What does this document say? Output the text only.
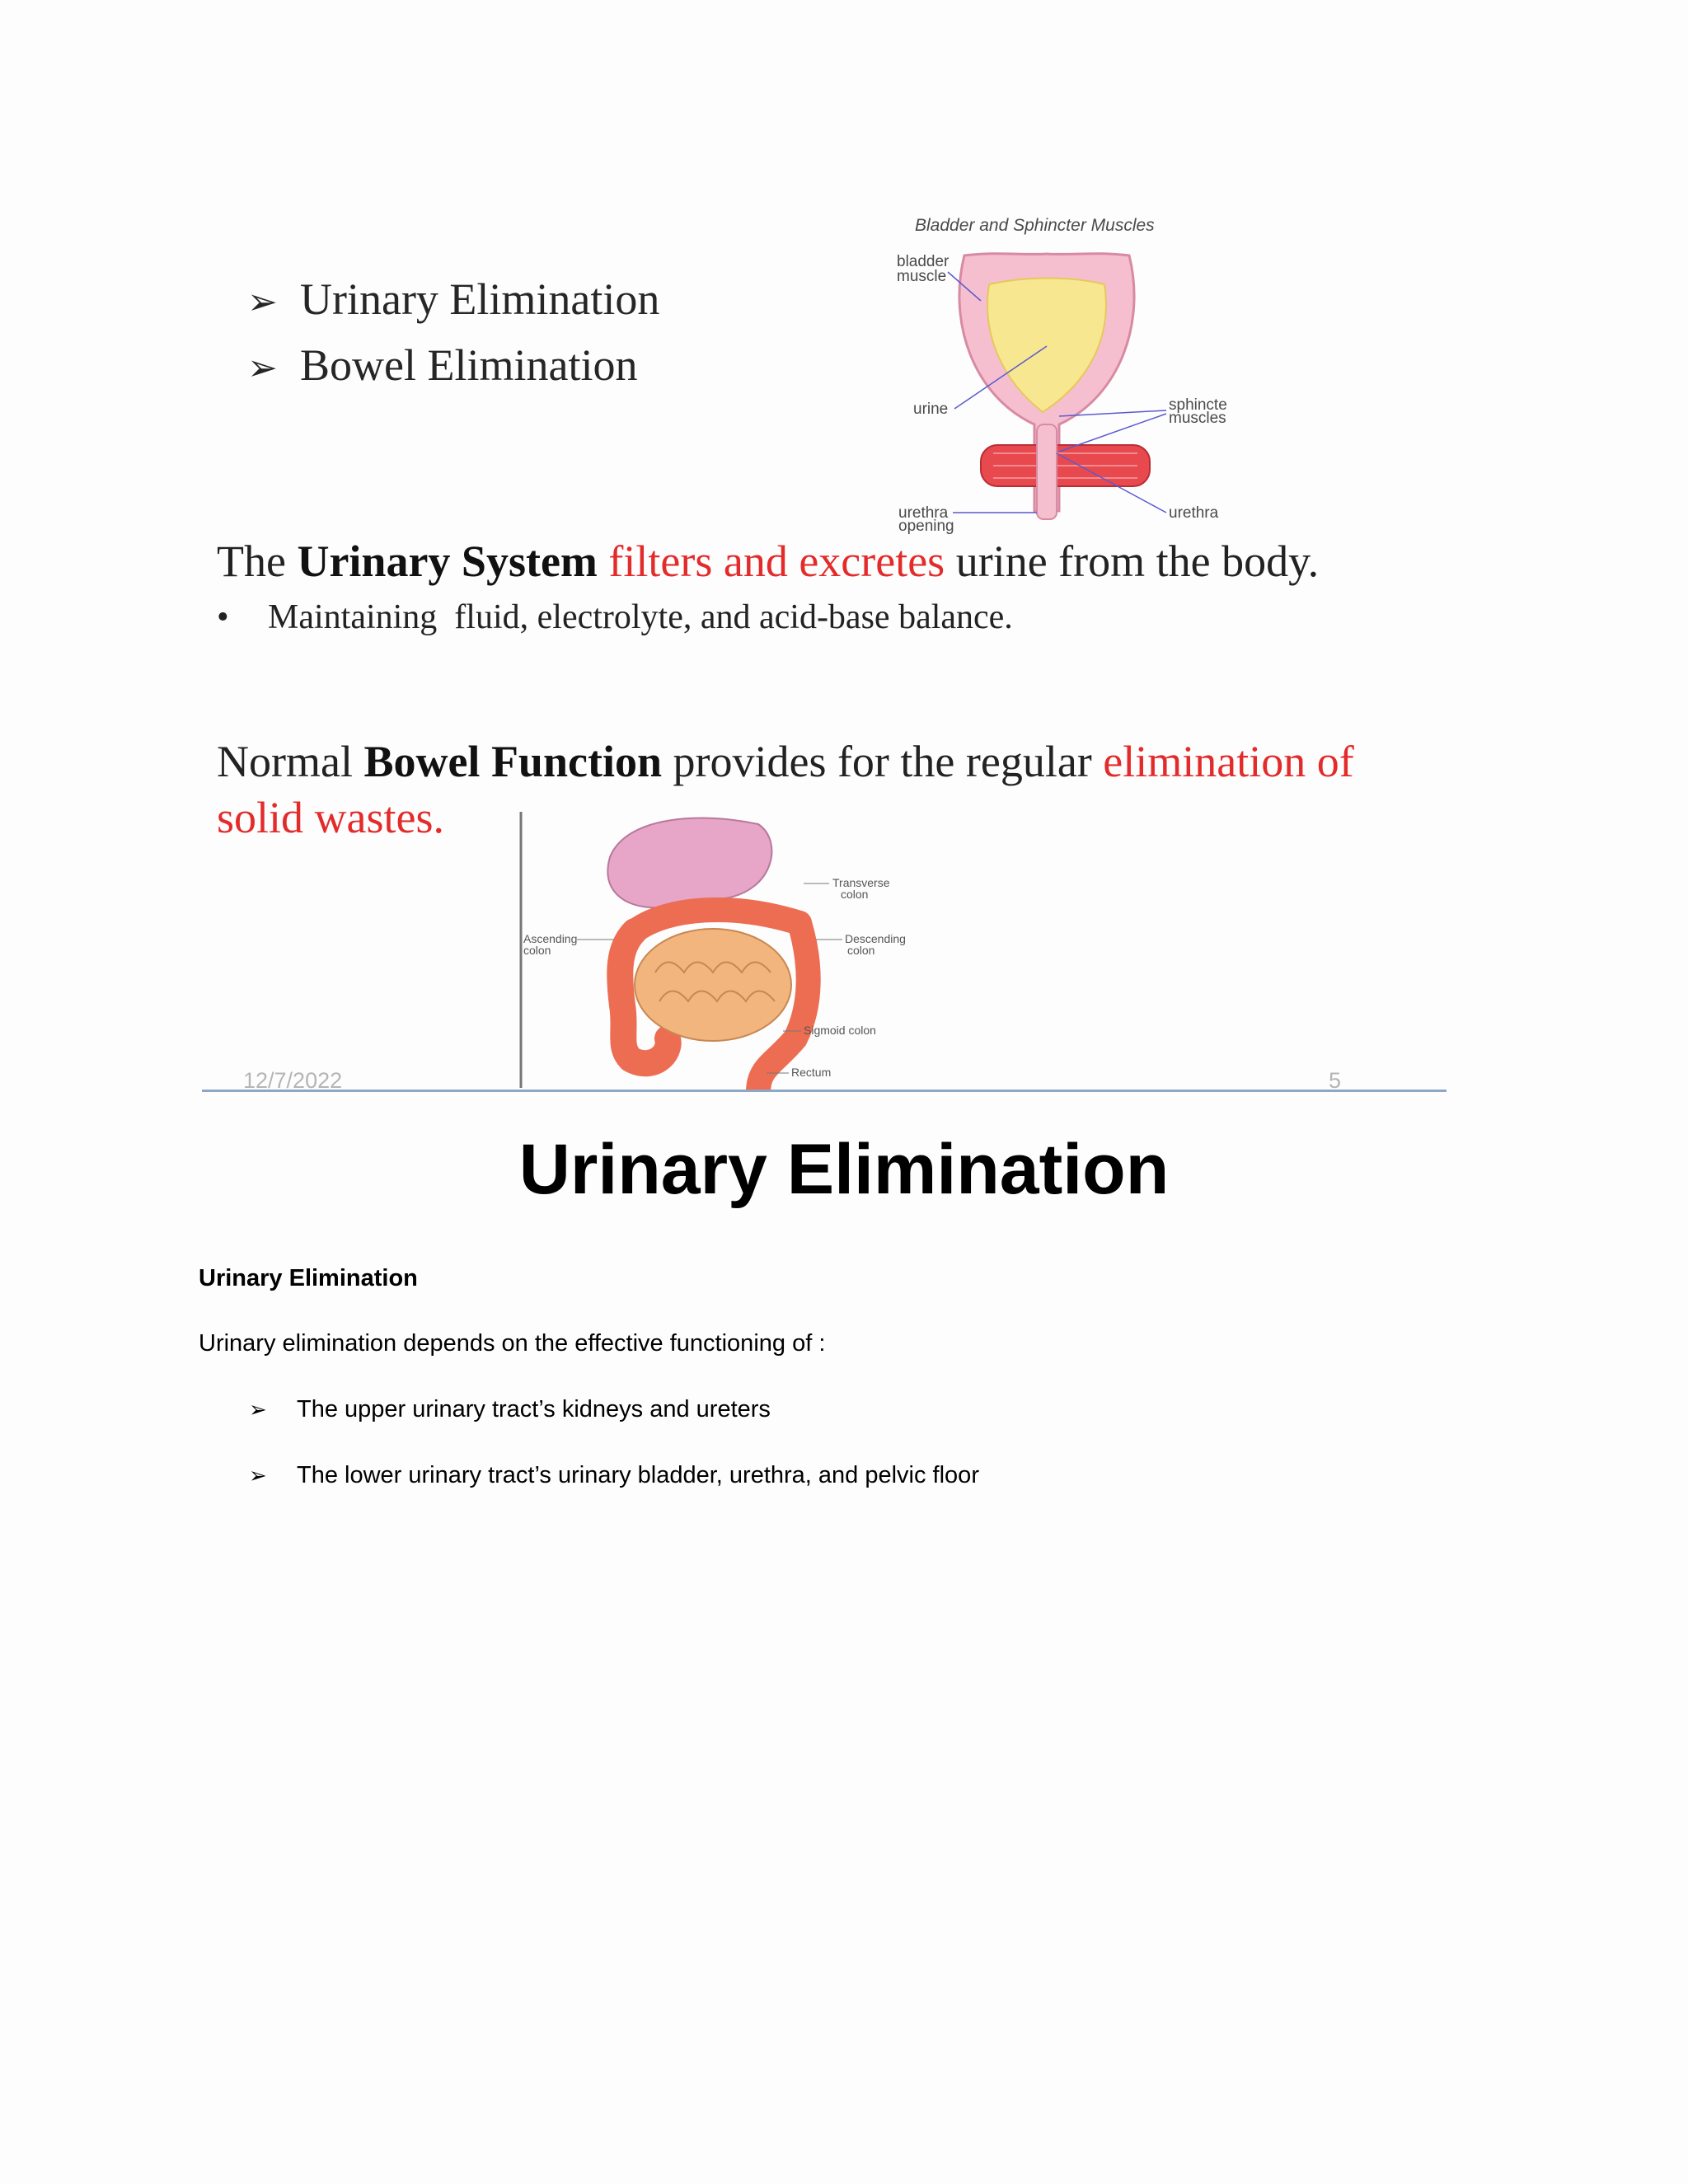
➢ Urinary Elimination
➢ Bowel Elimination
Bladder and Sphincter Muscles
bladder
muscle
urine	sphincte
muscles
urethra
opening
urethra
The Urinary System filters and excretes urine from the body.
• Maintaining  fluid, electrolyte, and acid-base balance.
Normal Bowel Function provides for the regular elimination of solid wastes.
Transverse
colon
Ascending
colon
Descending
colon
Sigmoid colon
Rectum
12/7/2022	5
Urinary Elimination
Urinary Elimination
Urinary elimination depends on the effective functioning of :
➢ The upper urinary tract’s kidneys and ureters
➢ The lower urinary tract’s urinary bladder, urethra, and pelvic floor
